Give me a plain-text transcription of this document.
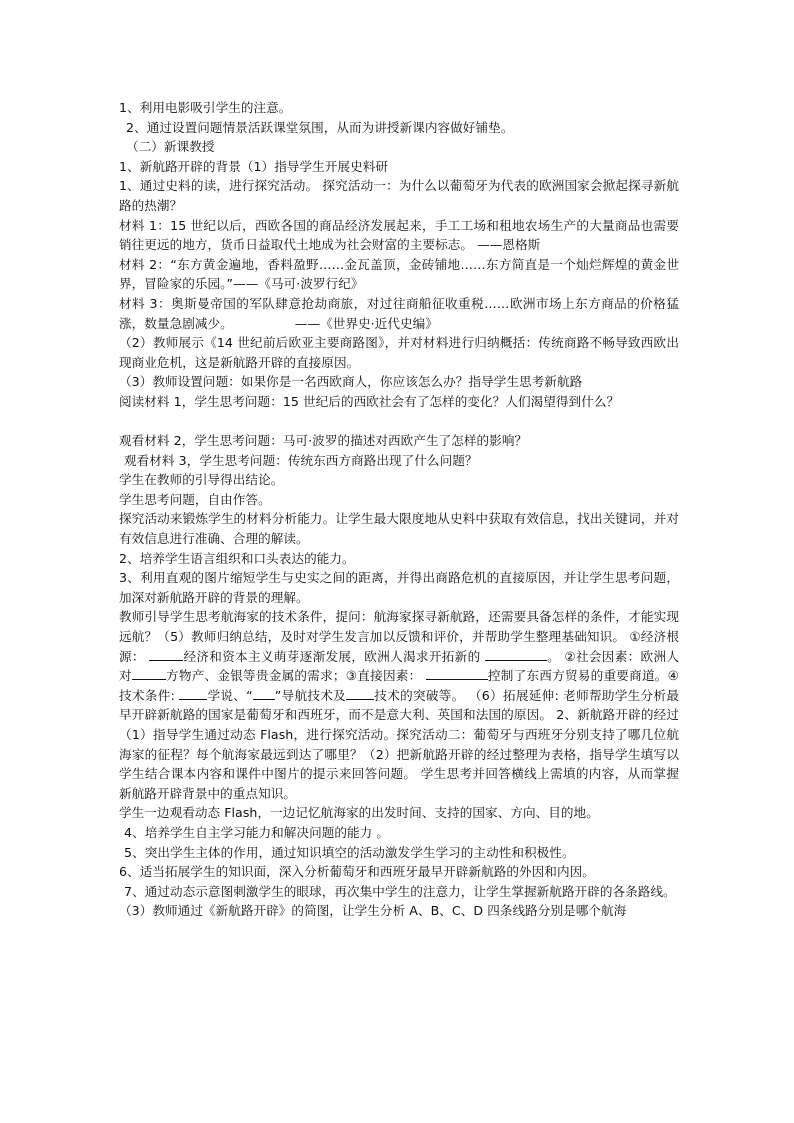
1、利用电影吸引学生的注意。

2、通过设置问题情景活跃课堂氛围，从而为讲授新课内容做好铺垫。

（二）新课教授

1、新航路开辟的背景（1）指导学生开展史料研

1、通过史料的读，进行探究活动。 探究活动一：为什么以葡萄牙为代表的欧洲国家会掀起探寻新航路的热潮？

材料 1：15 世纪以后，西欧各国的商品经济发展起来，手工工场和租地农场生产的大量商品也需要销往更远的地方，货币日益取代土地成为社会财富的主要标志。 ——恩格斯

材料 2：“东方黄金遍地，香料盈野……金瓦盖顶，金砖铺地……东方简直是一个灿烂辉煌的黄金世界，冒险家的乐园。”——《马可·波罗行纪》

材料 3：奥斯曼帝国的军队肆意抢劫商旅，对过往商船征收重税……欧洲市场上东方商品的价格猛涨，数量急剧减少。	——《世界史·近代史编》

（2）教师展示《14 世纪前后欧亚主要商路图》，并对材料进行归纳概括：传统商路不畅导致西欧出现商业危机，这是新航路开辟的直接原因。

（3）教师设置问题：如果你是一名西欧商人，你应该怎么办？指导学生思考新航路

阅读材料 1，学生思考问题：15 世纪后的西欧社会有了怎样的变化？人们渴望得到什么？

观看材料 2，学生思考问题：马可·波罗的描述对西欧产生了怎样的影响？

观看材料 3，学生思考问题：传统东西方商路出现了什么问题？

学生在教师的引导得出结论。

学生思考问题，自由作答。

探究活动来锻炼学生的材料分析能力。让学生最大限度地从史料中获取有效信息，找出关键词，并对有效信息进行准确、合理的解读。

2、培养学生语言组织和口头表达的能力。

3、利用直观的图片缩短学生与史实之间的距离，并得出商路危机的直接原因，并让学生思考问题，加深对新航路开辟的背景的理解。

教师引导学生思考航海家的技术条件，提问：航海家探寻新航路，还需要具备怎样的条件，才能实现远航？（5）教师归纳总结，及时对学生发言加以反馈和评价，并帮助学生整理基础知识。 ①经济根源：	经济和资本主义萌芽逐渐发展，欧洲人渴求开拓新的	。 ②社会因素：欧洲人对	方物产、金银等贵金属的需求；③直接因素：	控制了东西方贸易的重要商道。④技术条件:	学说、“ ”导航技术及 技术的突破等。 （6）拓展延伸: 老师帮助学生分析最早开辟新航路的国家是葡萄牙和西班牙，而不是意大利、英国和法国的原因。 2、新航路开辟的经过（1）指导学生通过动态 Flash，进行探究活动。探究活动二：葡萄牙与西班牙分别支持了哪几位航海家的征程？每个航海家最远到达了哪里？（2）把新航路开辟的经过整理为表格，指导学生填写以 学生结合课本内容和课件中图片的提示来回答问题。 学生思考并回答横线上需填的内容，从而掌握新航路开辟背景中的重点知识。

学生一边观看动态 Flash，一边记忆航海家的出发时间、支持的国家、方向、目的地。

4、培养学生自主学习能力和解决问题的能力 。

5、突出学生主体的作用，通过知识填空的活动激发学生学习的主动性和积极性。

6、适当拓展学生的知识面，深入分析葡萄牙和西班牙最早开辟新航路的外因和内因。

7、通过动态示意图刺激学生的眼球，再次集中学生的注意力，让学生掌握新航路开辟的各条路线。

（3）教师通过《新航路开辟》的简图，让学生分析 A、B、C、D 四条线路分别是哪个航海
